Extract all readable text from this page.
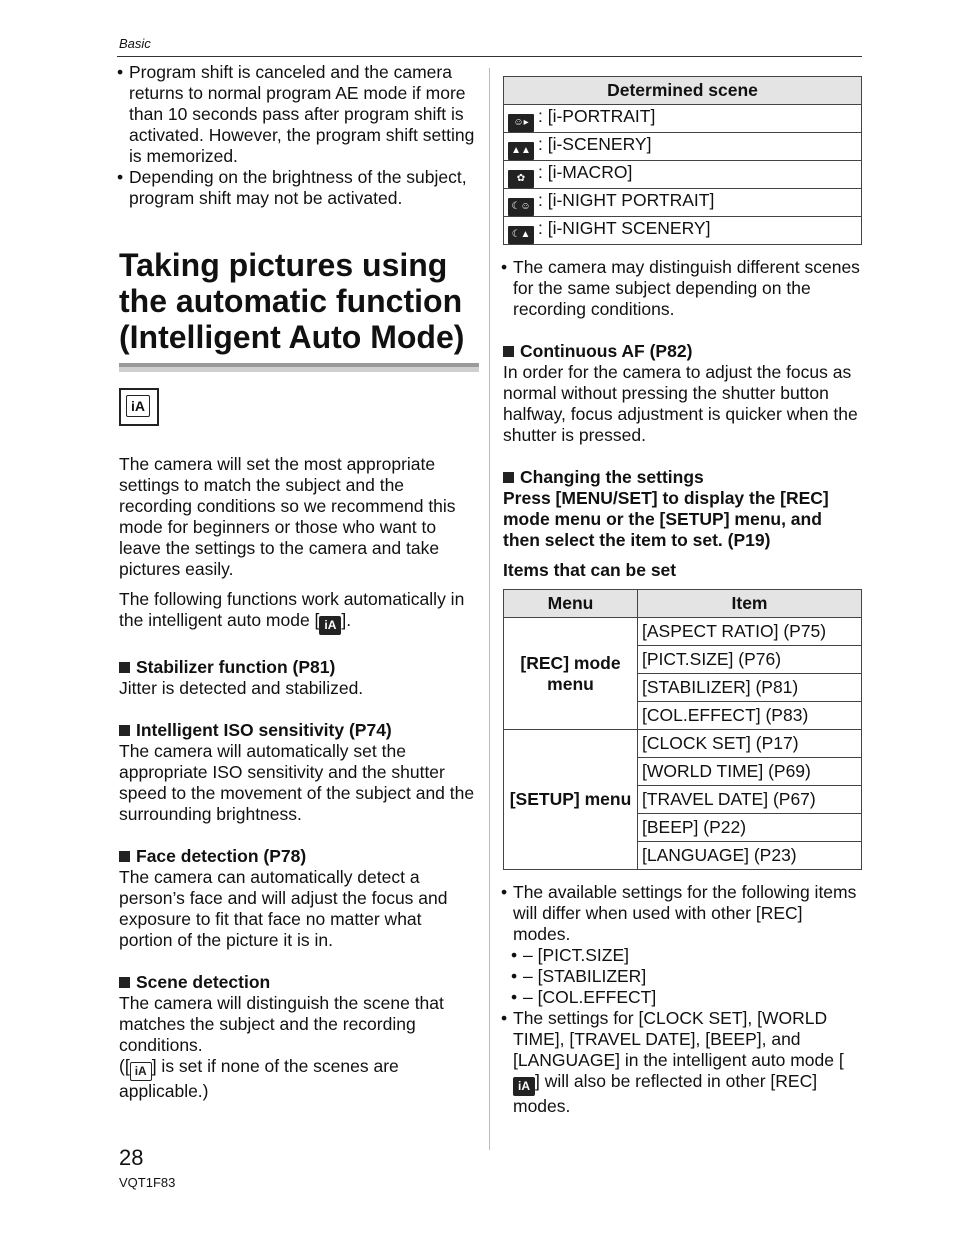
Basic
• Program shift is canceled and the camera returns to normal program AE mode if more than 10 seconds pass after program shift is activated. However, the program shift setting is memorized.
• Depending on the brightness of the subject, program shift may not be activated.
Taking pictures using the automatic function (Intelligent Auto Mode)
iA

The camera will set the most appropriate settings to match the subject and the recording conditions so we recommend this mode for beginners or those who want to leave the settings to the camera and take pictures easily.

The following functions work automatically in the intelligent auto mode [ iA ].

Stabilizer function (P81)

Jitter is detected and stabilized.

Intelligent ISO sensitivity (P74)

The camera will automatically set the appropriate ISO sensitivity and the shutter speed to the movement of the subject and the surrounding brightness.

Face detection (P78)

The camera can automatically detect a person’s face and will adjust the focus and exposure to fit that face no matter what portion of the picture it is in.

Scene detection

The camera will distinguish the scene that matches the subject and the recording conditions.

([ iA ] is set if none of the scenes are applicable.)

Determined scene
☺▸ : [i-PORTRAIT]
▲▲ : [i-SCENERY]
✿ : [i-MACRO]
☾☺ : [i-NIGHT PORTRAIT]
☾▲ : [i-NIGHT SCENERY]
• The camera may distinguish different scenes for the same subject depending on the recording conditions.
Continuous AF (P82)

In order for the camera to adjust the focus as normal without pressing the shutter button halfway, focus adjustment is quicker when the shutter is pressed.

Changing the settings

Press [MENU/SET] to display the [REC] mode menu or the [SETUP] menu, and then select the item to set. (P19)

Items that can be set

Menu	Item
[REC] mode menu	[ASPECT RATIO] (P75)
	[PICT.SIZE] (P76)
	[STABILIZER] (P81)
	[COL.EFFECT] (P83)
[SETUP] menu	[CLOCK SET] (P17)
	[WORLD TIME] (P69)
	[TRAVEL DATE] (P67)
	[BEEP] (P22)
	[LANGUAGE] (P23)
• The available settings for the following items will differ when used with other [REC] modes.
• – [PICT.SIZE]
• – [STABILIZER]
• – [COL.EFFECT]
• The settings for [CLOCK SET], [WORLD TIME], [TRAVEL DATE], [BEEP], and [LANGUAGE] in the intelligent auto mode [iA ] will also be reflected in other [REC] modes.
28
VQT1F83
